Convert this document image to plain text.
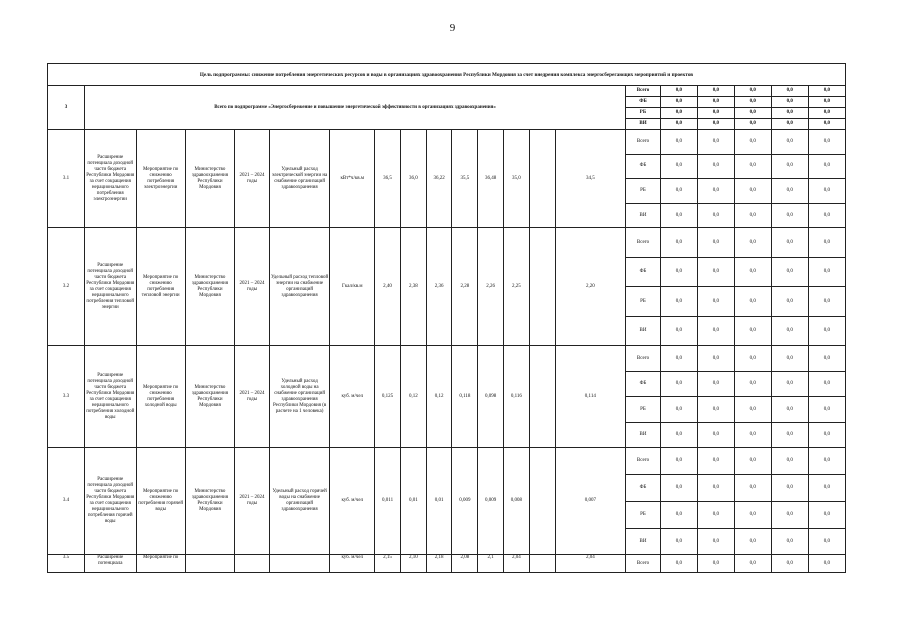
9
Цель подпрограммы: снижение потребления энергетических ресурсов и воды в организациях здравоохранения Республики Мордовия за счет внедрения комплекса энергосберегающих мероприятий и проектов																				
3	Всего по подпрограмме «Энергосбережение и повышение энергетической эффективности в организациях здравоохранения»														Всего	0,0	0,0	0,0	0,0	0,0
															ФБ	0,0	0,0	0,0	0,0	0,0
															РБ	0,0	0,0	0,0	0,0	0,0
															ВИ	0,0	0,0	0,0	0,0	0,0
3.1	Расширение потенциала доходной части бюджета Республики Мордовия за счет сокращения нерационального потребления электроэнергии	Мероприятие по снижению потребления электроэнергии	Министерство здравоохранения Республики Мордовия	2021 – 2024 годы	Удельный расход электрической энергии на снабжение организаций здравоохранения	кВт*ч/кв.м	36,5	36,0	36,22	35,5	36,48	35,0		34,5	Всего	0,0	0,0	0,0	0,0	0,0
															ФБ	0,0	0,0	0,0	0,0	0,0
															РБ	0,0	0,0	0,0	0,0	0,0
															ВИ	0,0	0,0	0,0	0,0	0,0
3.2	Расширение потенциала доходной части бюджета Республики Мордовия за счет сокращения нерационального потребления тепловой энергии	Мероприятие по снижению потребления тепловой энергии	Министерство здравоохранения Республики Мордовия	2021 – 2024 годы	Удельный расход тепловой энергии на снабжение организаций здравоохранения	Гкал/кв.м	2,40	2,38	2,36	2,28	2,26	2,25		2,20	Всего	0,0	0,0	0,0	0,0	0,0
															ФБ	0,0	0,0	0,0	0,0	0,0
															РБ	0,0	0,0	0,0	0,0	0,0
															ВИ	0,0	0,0	0,0	0,0	0,0
3.3	Расширение потенциала доходной части бюджета Республики Мордовия за счет сокращения нерационального потребления холодной воды	Мероприятие по снижению потребления холодной воды	Министерство здравоохранения Республики Мордовия	2021 – 2024 годы	Удельный расход холодной воды на снабжение организаций здравоохранения Республики Мордовия (в расчете на 1 человека)	куб. м/чел	0,125	0,12	0,12	0,118	0,098	0,116		0,114	Всего	0,0	0,0	0,0	0,0	0,0
															ФБ	0,0	0,0	0,0	0,0	0,0
															РБ	0,0	0,0	0,0	0,0	0,0
															ВИ	0,0	0,0	0,0	0,0	0,0
3.4	Расширение потенциала доходной части бюджета Республики Мордовия за счет сокращения нерационального потребления горячей воды	Мероприятие по снижению потребления горячей воды	Министерство здравоохранения Республики Мордовия	2021 – 2024 годы	Удельный расход горячей воды на снабжение организаций здравоохранения	куб. м/чел	0,011	0,01	0,01	0,009	0,009	0,008		0,007	Всего	0,0	0,0	0,0	0,0	0,0
															ФБ	0,0	0,0	0,0	0,0	0,0
															РБ	0,0	0,0	0,0	0,0	0,0
															ВИ	0,0	0,0	0,0	0,0	0,0
3.5	Расширение потенциала	Мероприятие по				куб. м/чел	2,15	2,10	2,18	2,08	2,1	2,04		2,04	Всего	0,0	0,0	0,0	0,0	0,0
